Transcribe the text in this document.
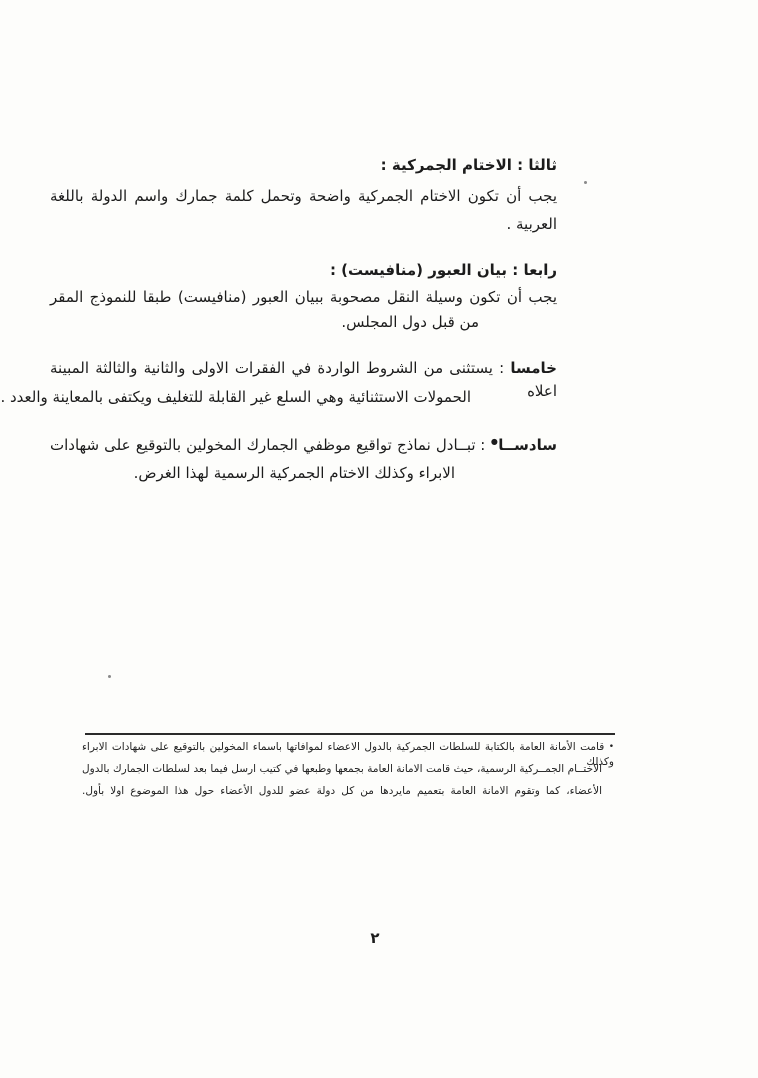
ثالثا : الاختام الجمركية :
يجب أن تكون الاختام الجمركية واضحة وتحمل كلمة جمارك واسم الدولة باللغة
العربية .
رابعا : بيان العبور (منافيست) :
يجب أن تكون وسيلة النقل مصحوبة ببيان العبور (منافيست) طبقا للنموذج المقر
من قبل دول المجلس.
خامسا : يستثنى من الشروط الواردة في الفقرات الاولى والثانية والثالثة المبينة اعلاه
الحمولات الاستثنائية وهي السلع غير القابلة للتغليف ويكتفى بالمعاينة والعدد .
سادســا● : تبــادل نماذج تواقيع موظفي الجمارك المخولين بالتوقيع على شهادات
الابراء وكذلك الاختام الجمركية الرسمية لهذا الغرض.
• قامت الأمانة العامة بالكتابة للسلطات الجمركية بالدول الاعضاء لموافاتها باسماء المخولين بالتوقيع على شهادات الابراء وكذلك
الاختــام الجمــركية الرسمية، حيث قامت الامانة العامة بجمعها وطبعها في كتيب ارسل فيما بعد لسلطات الجمارك بالدول
الأعضاء، كما وتقوم الامانة العامة بتعميم مايردها من كل دولة عضو للدول الأعضاء حول هذا الموضوع اولا بأول.
٢
